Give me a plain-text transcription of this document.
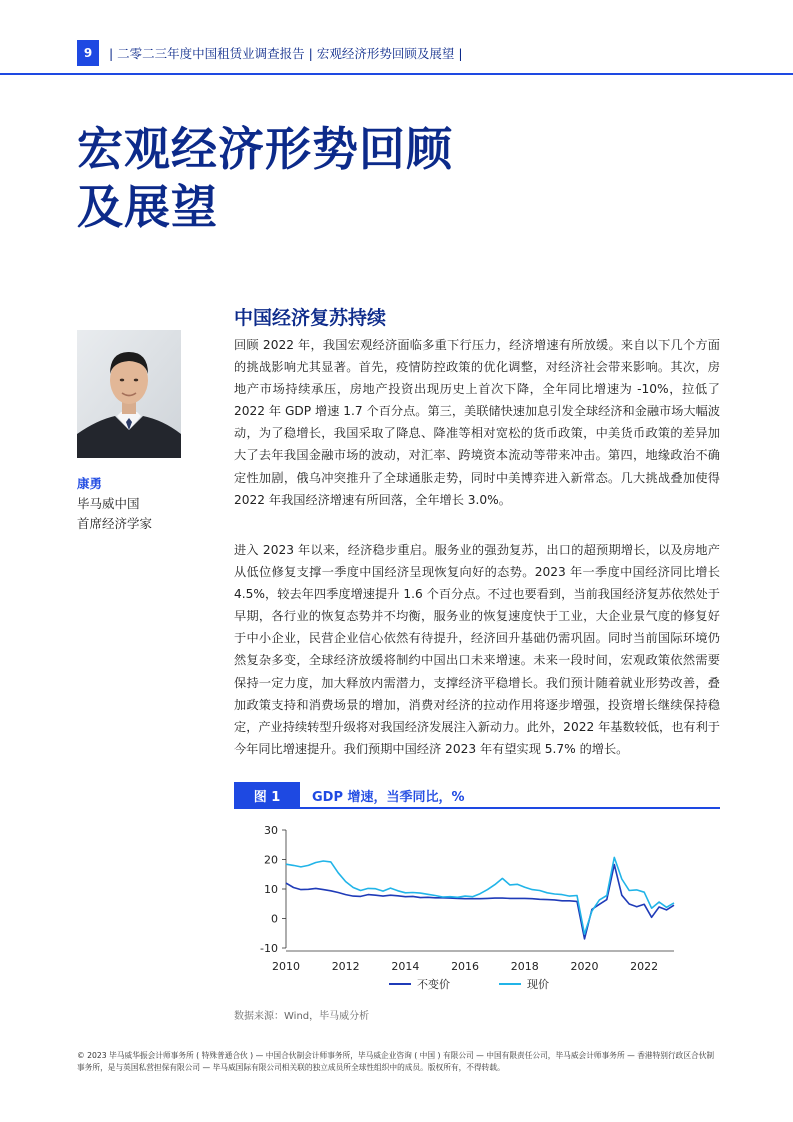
9	| 二零二三年度中国租赁业调查报告 | 宏观经济形势回顾及展望 |
宏观经济形势回顾
及展望
康勇
毕马威中国
首席经济学家
中国经济复苏持续

回顾 2022 年，我国宏观经济面临多重下行压力，经济增速有所放缓。来自以下几个方面的挑战影响尤其显著。首先，疫情防控政策的优化调整，对经济社会带来影响。其次，房地产市场持续承压，房地产投资出现历史上首次下降，全年同比增速为 -10%，拉低了 2022 年 GDP 增速 1.7 个百分点。第三，美联储快速加息引发全球经济和金融市场大幅波动，为了稳增长，我国采取了降息、降准等相对宽松的货币政策，中美货币政策的差异加大了去年我国金融市场的波动，对汇率、跨境资本流动等带来冲击。第四，地缘政治不确定性加剧，俄乌冲突推升了全球通胀走势，同时中美博弈进入新常态。几大挑战叠加使得 2022 年我国经济增速有所回落，全年增长 3.0%。

进入 2023 年以来，经济稳步重启。服务业的强劲复苏，出口的超预期增长，以及房地产从低位修复支撑一季度中国经济呈现恢复向好的态势。2023 年一季度中国经济同比增长 4.5%，较去年四季度增速提升 1.6 个百分点。不过也要看到，当前我国经济复苏依然处于早期，各行业的恢复态势并不均衡，服务业的恢复速度快于工业，大企业景气度的修复好于中小企业，民营企业信心依然有待提升，经济回升基础仍需巩固。同时当前国际环境仍然复杂多变，全球经济放缓将制约中国出口未来增速。未来一段时间，宏观政策依然需要保持一定力度，加大释放内需潜力，支撑经济平稳增长。我们预计随着就业形势改善，叠加政策支持和消费场景的增加，消费对经济的拉动作用将逐步增强，投资增长继续保持稳定，产业持续转型升级将对我国经济发展注入新动力。此外，2022 年基数较低，也有利于今年同比增速提升。我们预期中国经济 2023 年有望实现 5.7% 的增长。

图 1	GDP 增速，当季同比，%
30
20
10
0
-10
2010	2012	2014	2016	2018	2020	2022
不变价	现价
数据来源：Wind，毕马威分析
© 2023 毕马威华振会计师事务所 ( 特殊普通合伙 ) — 中国合伙制会计师事务所，毕马威企业咨询 ( 中国 ) 有限公司 — 中国有限责任公司，毕马威会计师事务所 — 香港特别行政区合伙制事务所，是与英国私营担保有限公司 — 毕马威国际有限公司相关联的独立成员所全球性组织中的成员。版权所有，不得转载。
